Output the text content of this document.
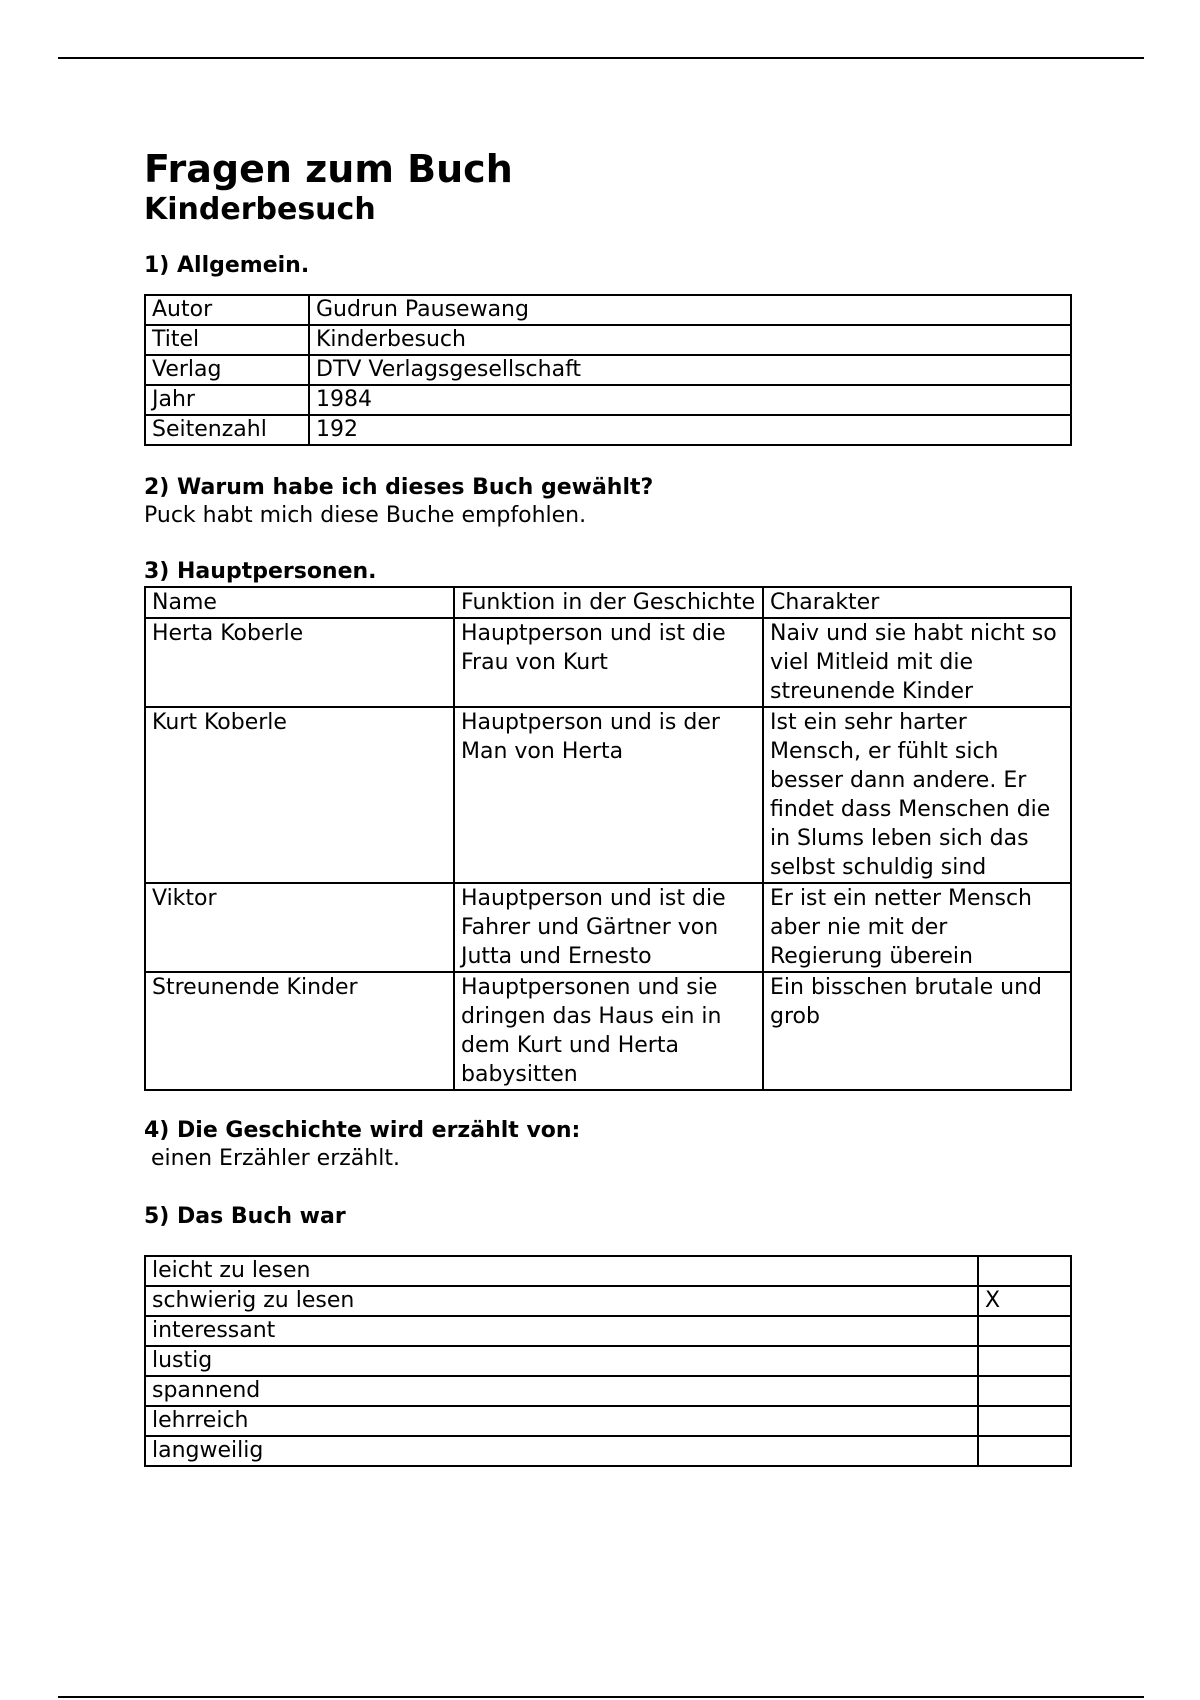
Fragen zum Buch
Kinderbesuch
1) Allgemein.
Autor	Gudrun Pausewang
Titel	Kinderbesuch
Verlag	DTV Verlagsgesellschaft
Jahr	1984
Seitenzahl	192
2) Warum habe ich dieses Buch gewählt?

Puck habt mich diese Buche empfohlen.

3) Hauptpersonen.
Name	Funktion in der Geschichte	Charakter
Herta Koberle	Hauptperson und ist die Frau von Kurt	Naiv und sie habt nicht so viel Mitleid mit die streunende Kinder
Kurt Koberle	Hauptperson und is der Man von Herta	Ist ein sehr harter Mensch, er fühlt sich besser dann andere. Er findet dass Menschen die in Slums leben sich das selbst schuldig sind
Viktor	Hauptperson und ist die Fahrer und Gärtner von Jutta und Ernesto	Er ist ein netter Mensch aber nie mit der Regierung überein
Streunende Kinder	Hauptpersonen und sie dringen das Haus ein in dem Kurt und Herta babysitten	Ein bisschen brutale und grob
4) Die Geschichte wird erzählt von:

einen Erzähler erzählt.

5) Das Buch war
leicht zu lesen	
schwierig zu lesen	X
interessant	
lustig	
spannend	
lehrreich	
langweilig	
